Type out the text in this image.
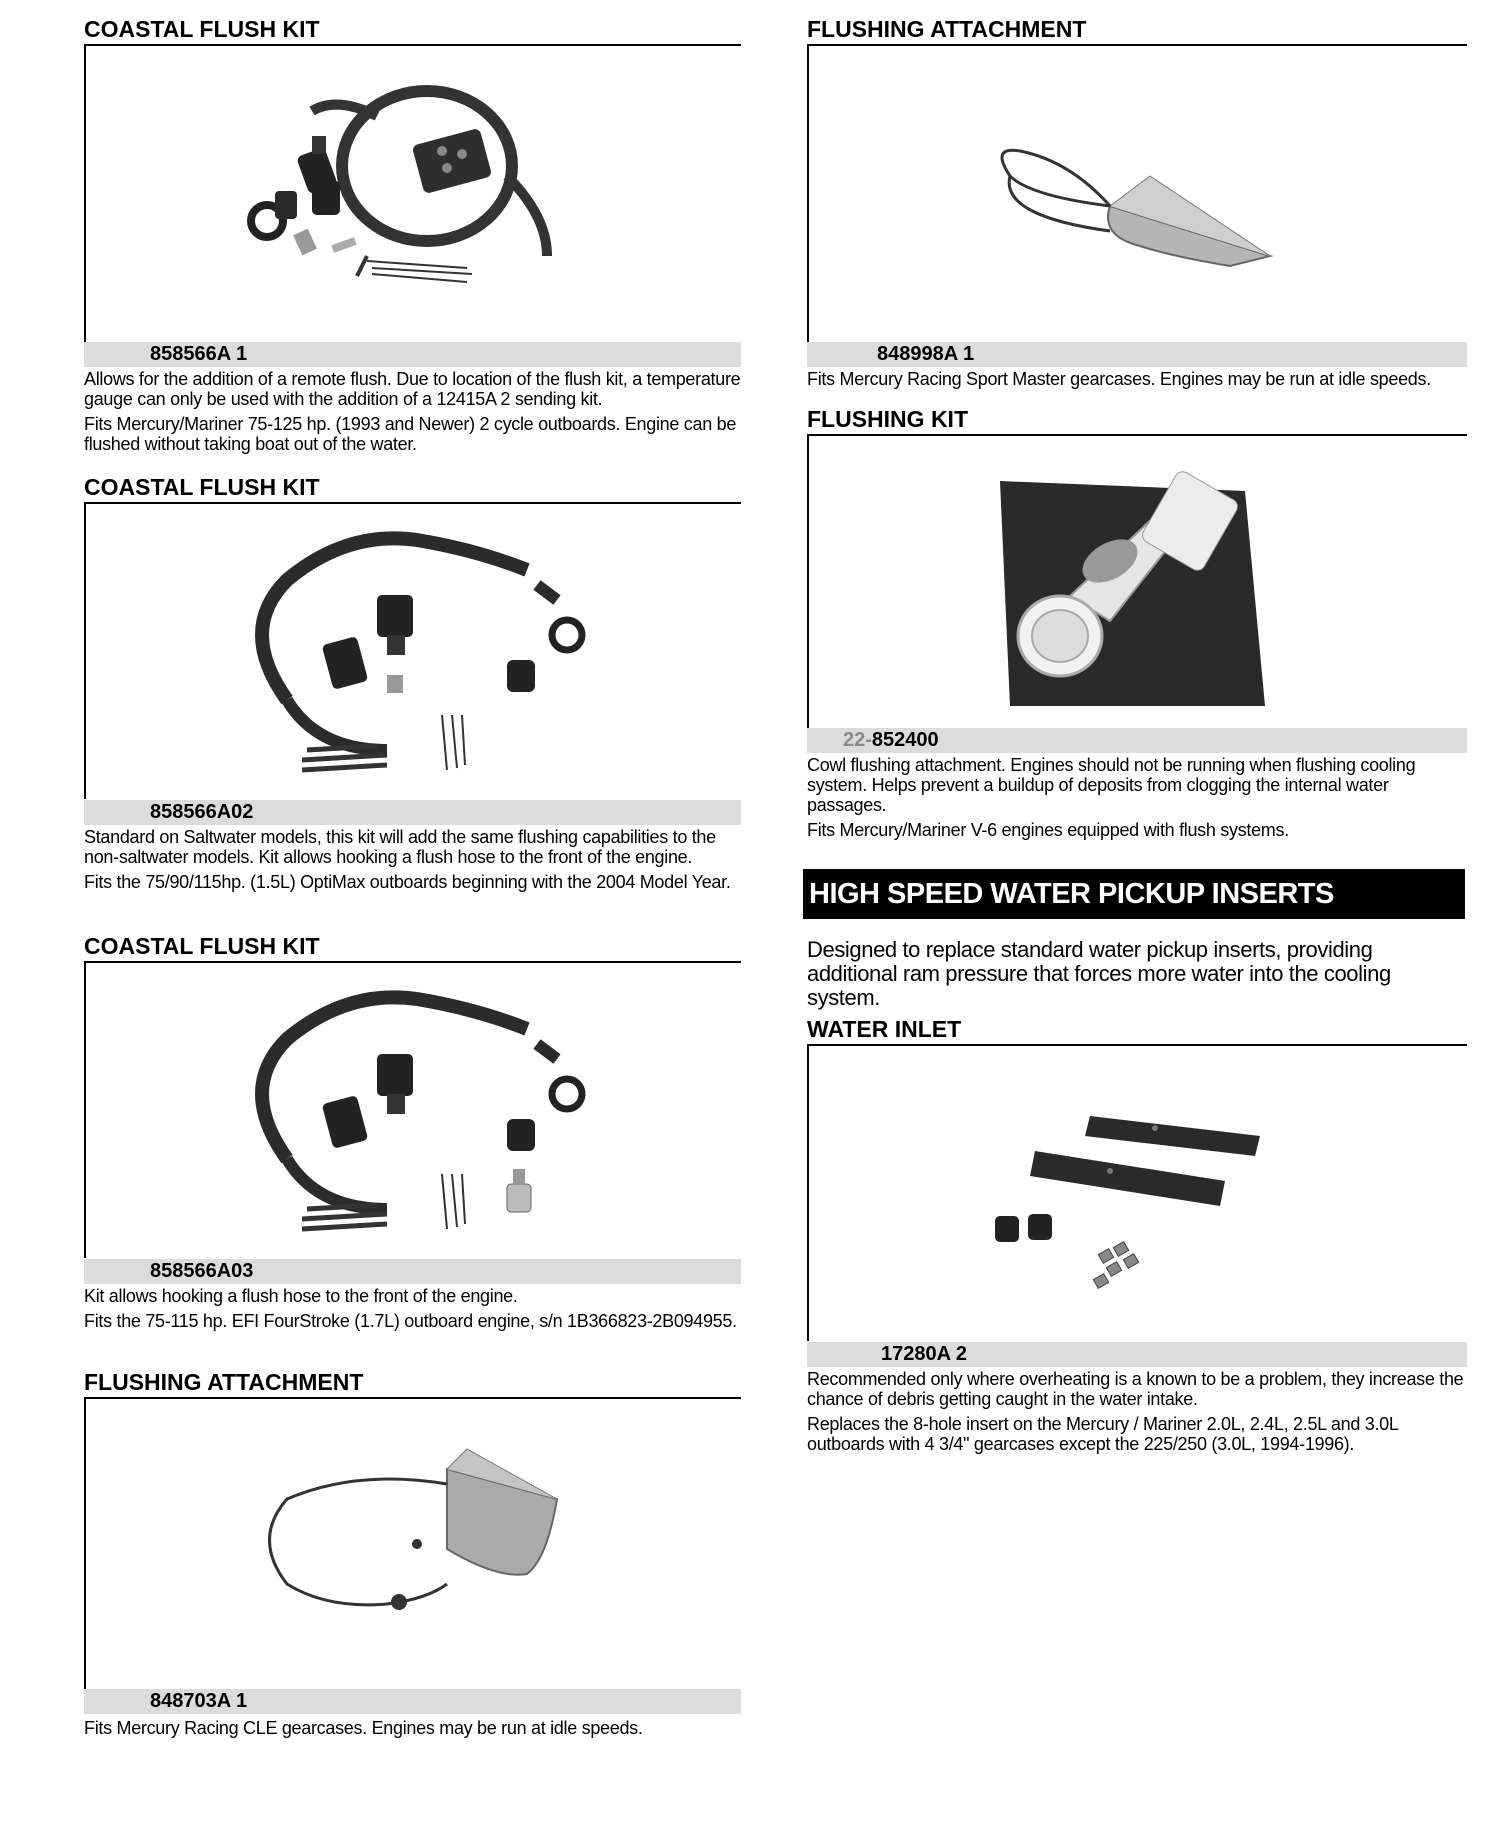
COASTAL FLUSH KIT
858566A 1

Allows for the addition of a remote flush. Due to location of the flush kit, a temperature gauge can only be used with the addition of a 12415A 2 sending kit.

Fits Mercury/Mariner 75-125 hp. (1993 and Newer) 2 cycle outboards. Engine can be flushed without taking boat out of the water.

COASTAL FLUSH KIT
858566A02

Standard on Saltwater models, this kit will add the same flushing capabilities to the non-saltwater models. Kit allows hooking a flush hose to the front of the engine.

Fits the 75/90/115hp. (1.5L) OptiMax outboards beginning with the 2004 Model Year.

COASTAL FLUSH KIT
858566A03

Kit allows hooking a flush hose to the front of the engine.

Fits the 75-115 hp. EFI FourStroke (1.7L) outboard engine, s/n 1B366823-2B094955.

FLUSHING ATTACHMENT
848703A 1

Fits Mercury Racing CLE gearcases. Engines may be run at idle speeds.

FLUSHING ATTACHMENT
848998A 1

Fits Mercury Racing Sport Master gearcases. Engines may be run at idle speeds.

FLUSHING KIT
22-852400

Cowl flushing attachment. Engines should not be running when flushing cooling system. Helps prevent a buildup of deposits from clogging the internal water passages.

Fits Mercury/Mariner V-6 engines equipped with flush systems.

HIGH SPEED WATER PICKUP INSERTS
Designed to replace standard water pickup inserts, providing additional ram pressure that forces more water into the cooling system.
WATER INLET
17280A 2

Recommended only where overheating is a known to be a problem, they increase the chance of debris getting caught in the water intake.

Replaces the 8-hole insert on the Mercury / Mariner 2.0L, 2.4L, 2.5L and 3.0L outboards with 4 3/4" gearcases except the 225/250 (3.0L, 1994-1996).
